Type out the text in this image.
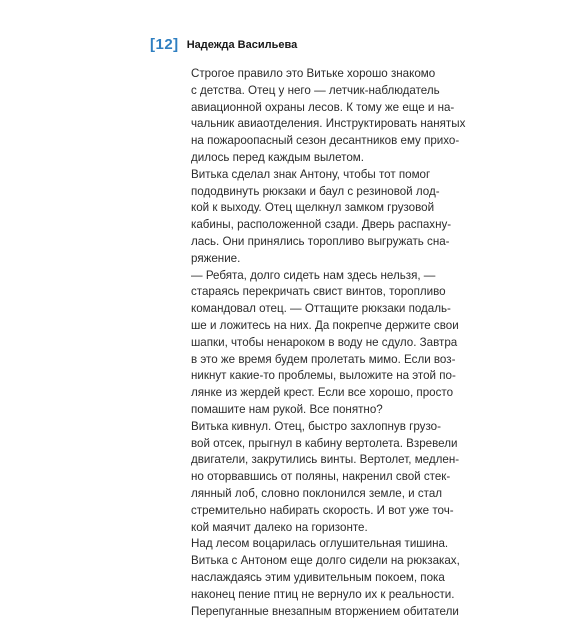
[12] Надежда Васильева
Строгое правило это Витьке хорошо знакомо
с детства. Отец у него — летчик-наблюдатель
авиационной охраны лесов. К тому же еще и на-
чальник авиаотделения. Инструктировать нанятых
на пожароопасный сезон десантников ему прихо-
дилось перед каждым вылетом.
Витька сделал знак Антону, чтобы тот помог
пододвинуть рюкзаки и баул с резиновой лод-
кой к выходу. Отец щелкнул замком грузовой
кабины, расположенной сзади. Дверь распахну-
лась. Они принялись торопливо выгружать сна-
ряжение.
— Ребята, долго сидеть нам здесь нельзя, —
стараясь перекричать свист винтов, торопливо
командовал отец. — Оттащите рюкзаки подаль-
ше и ложитесь на них. Да покрепче держите свои
шапки, чтобы ненароком в воду не сдуло. Завтра
в это же время будем пролетать мимо. Если воз-
никнут какие-то проблемы, выложите на этой по-
лянке из жердей крест. Если все хорошо, просто
помашите нам рукой. Все понятно?
Витька кивнул. Отец, быстро захлопнув грузо-
вой отсек, прыгнул в кабину вертолета. Взревели
двигатели, закрутились винты. Вертолет, медлен-
но оторвавшись от поляны, накренил свой стек-
лянный лоб, словно поклонился земле, и стал
стремительно набирать скорость. И вот уже точ-
кой маячит далеко на горизонте.
Над лесом воцарилась оглушительная тишина.
Витька с Антоном еще долго сидели на рюкзаках,
наслаждаясь этим удивительным покоем, пока
наконец пение птиц не вернуло их к реальности.
Перепуганные внезапным вторжением обитатели
